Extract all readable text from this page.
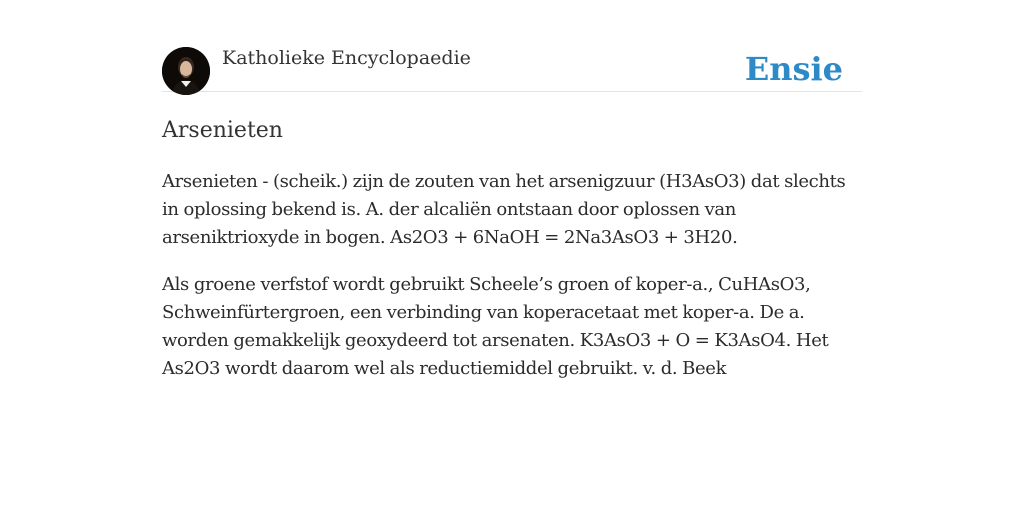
Katholieke Encyclopaedie	Ensie
Arsenieten

Arsenieten - (scheik.) zijn de zouten van het arsenigzuur (H3AsO3) dat slechts in oplossing bekend is. A. der alcaliën ontstaan door oplossen van arseniktrioxyde in bogen. As2O3 + 6NaOH = 2Na3AsO3 + 3H20.

Als groene verfstof wordt gebruikt Scheele’s groen of koper-a., CuHAsO3, Schweinfürtergroen, een verbinding van koperacetaat met koper-a. De a. worden gemakkelijk geoxydeerd tot arsenaten. K3AsO3 + O = K3AsO4. Het As2O3 wordt daarom wel als reductiemiddel gebruikt. v. d. Beek
